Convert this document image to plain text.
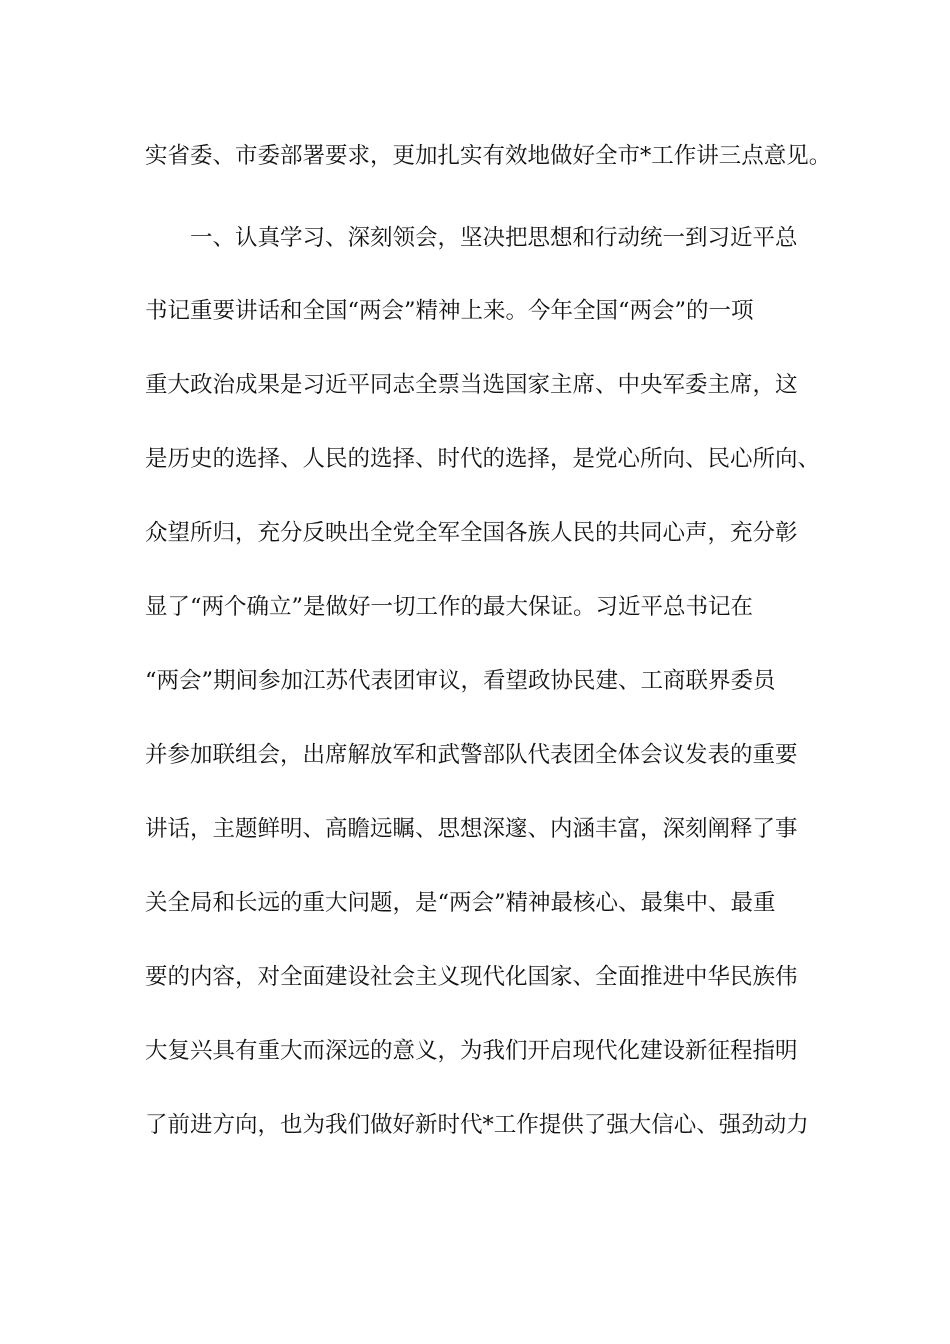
实省委、市委部署要求，更加扎实有效地做好全市*工作讲三点意见。
一、认真学习、深刻领会，坚决把思想和行动统一到习近平总
书记重要讲话和全国“两会”精神上来。今年全国“两会”的一项
重大政治成果是习近平同志全票当选国家主席、中央军委主席，这
是历史的选择、人民的选择、时代的选择，是党心所向、民心所向、
众望所归，充分反映出全党全军全国各族人民的共同心声，充分彰
显了“两个确立”是做好一切工作的最大保证。习近平总书记在
“两会”期间参加江苏代表团审议，看望政协民建、工商联界委员
并参加联组会，出席解放军和武警部队代表团全体会议发表的重要
讲话，主题鲜明、高瞻远瞩、思想深邃、内涵丰富，深刻阐释了事
关全局和长远的重大问题，是“两会”精神最核心、最集中、最重
要的内容，对全面建设社会主义现代化国家、全面推进中华民族伟
大复兴具有重大而深远的意义，为我们开启现代化建设新征程指明
了前进方向，也为我们做好新时代*工作提供了强大信心、强劲动力
